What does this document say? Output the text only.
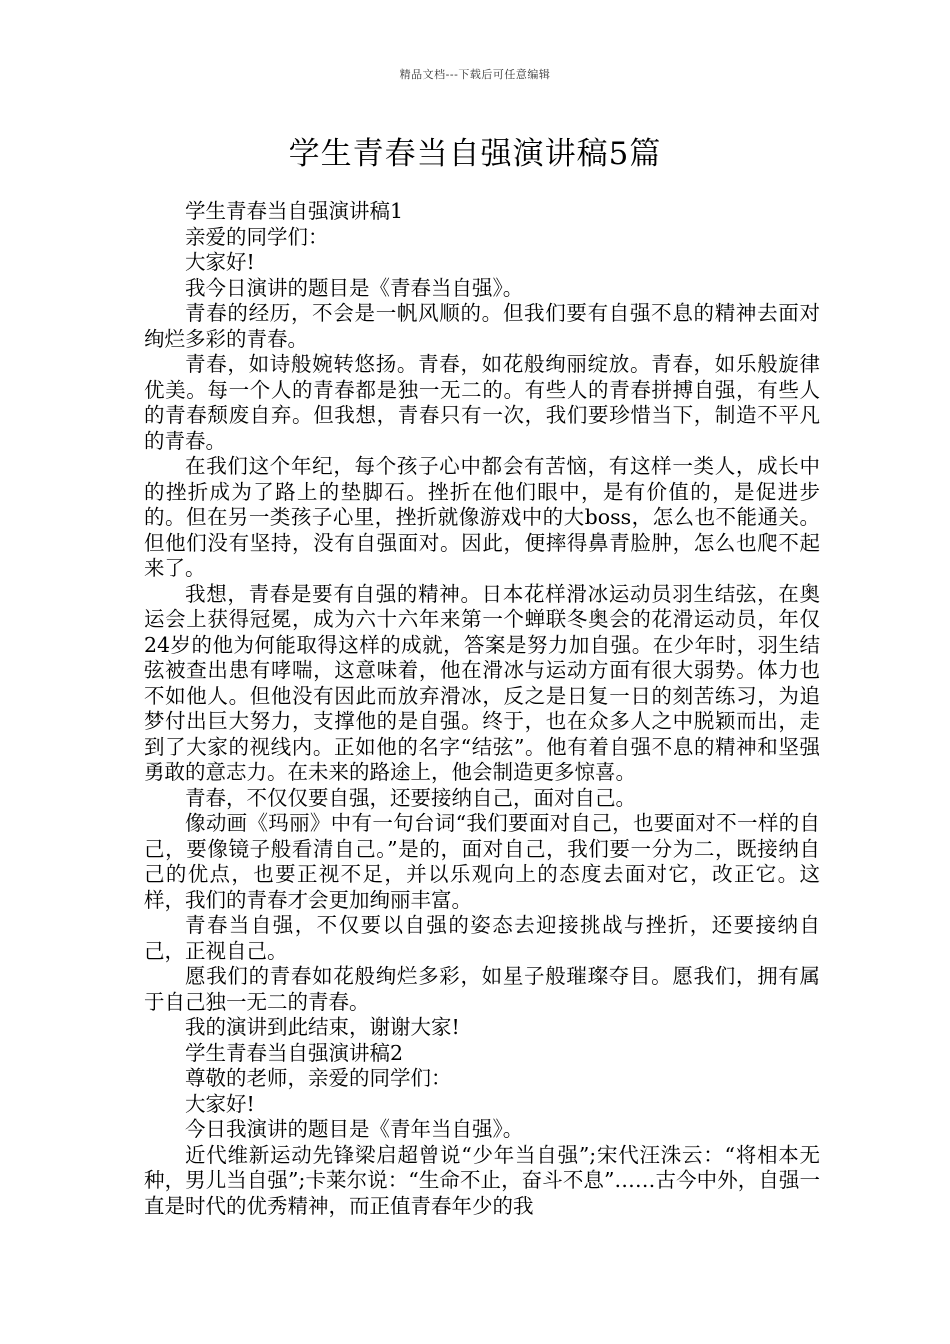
精品文档---下载后可任意编辑
学生青春当自强演讲稿5篇

学生青春当自强演讲稿1

亲爱的同学们：

大家好!

我今日演讲的题目是《青春当自强》。

青春的经历，不会是一帆风顺的。但我们要有自强不息的精神去面对绚烂多彩的青春。

青春，如诗般婉转悠扬。青春，如花般绚丽绽放。青春，如乐般旋律优美。每一个人的青春都是独一无二的。有些人的青春拼搏自强，有些人的青春颓废自弃。但我想，青春只有一次，我们要珍惜当下，制造不平凡的青春。

在我们这个年纪，每个孩子心中都会有苦恼，有这样一类人，成长中的挫折成为了路上的垫脚石。挫折在他们眼中，是有价值的，是促进步的。但在另一类孩子心里，挫折就像游戏中的大boss，怎么也不能通关。但他们没有坚持，没有自强面对。因此，便摔得鼻青脸肿，怎么也爬不起来了。

我想，青春是要有自强的精神。日本花样滑冰运动员羽生结弦，在奥运会上获得冠冕，成为六十六年来第一个蝉联冬奥会的花滑运动员，年仅24岁的他为何能取得这样的成就，答案是努力加自强。在少年时，羽生结弦被查出患有哮喘，这意味着，他在滑冰与运动方面有很大弱势。体力也不如他人。但他没有因此而放弃滑冰，反之是日复一日的刻苦练习，为追梦付出巨大努力，支撑他的是自强。终于，也在众多人之中脱颖而出，走到了大家的视线内。正如他的名字“结弦”。他有着自强不息的精神和坚强勇敢的意志力。在未来的路途上，他会制造更多惊喜。

青春，不仅仅要自强，还要接纳自己，面对自己。

像动画《玛丽》中有一句台词“我们要面对自己，也要面对不一样的自己，要像镜子般看清自己。”是的，面对自己，我们要一分为二，既接纳自己的优点，也要正视不足，并以乐观向上的态度去面对它，改正它。这样，我们的青春才会更加绚丽丰富。

青春当自强，不仅要以自强的姿态去迎接挑战与挫折，还要接纳自己，正视自己。

愿我们的青春如花般绚烂多彩，如星子般璀璨夺目。愿我们，拥有属于自己独一无二的青春。

我的演讲到此结束，谢谢大家!

学生青春当自强演讲稿2

尊敬的老师，亲爱的同学们：

大家好!

今日我演讲的题目是《青年当自强》。

近代维新运动先锋梁启超曾说“少年当自强”;宋代汪洙云：“将相本无种，男儿当自强”;卡莱尔说：“生命不止，奋斗不息”……古今中外，自强一直是时代的优秀精神，而正值青春年少的我
